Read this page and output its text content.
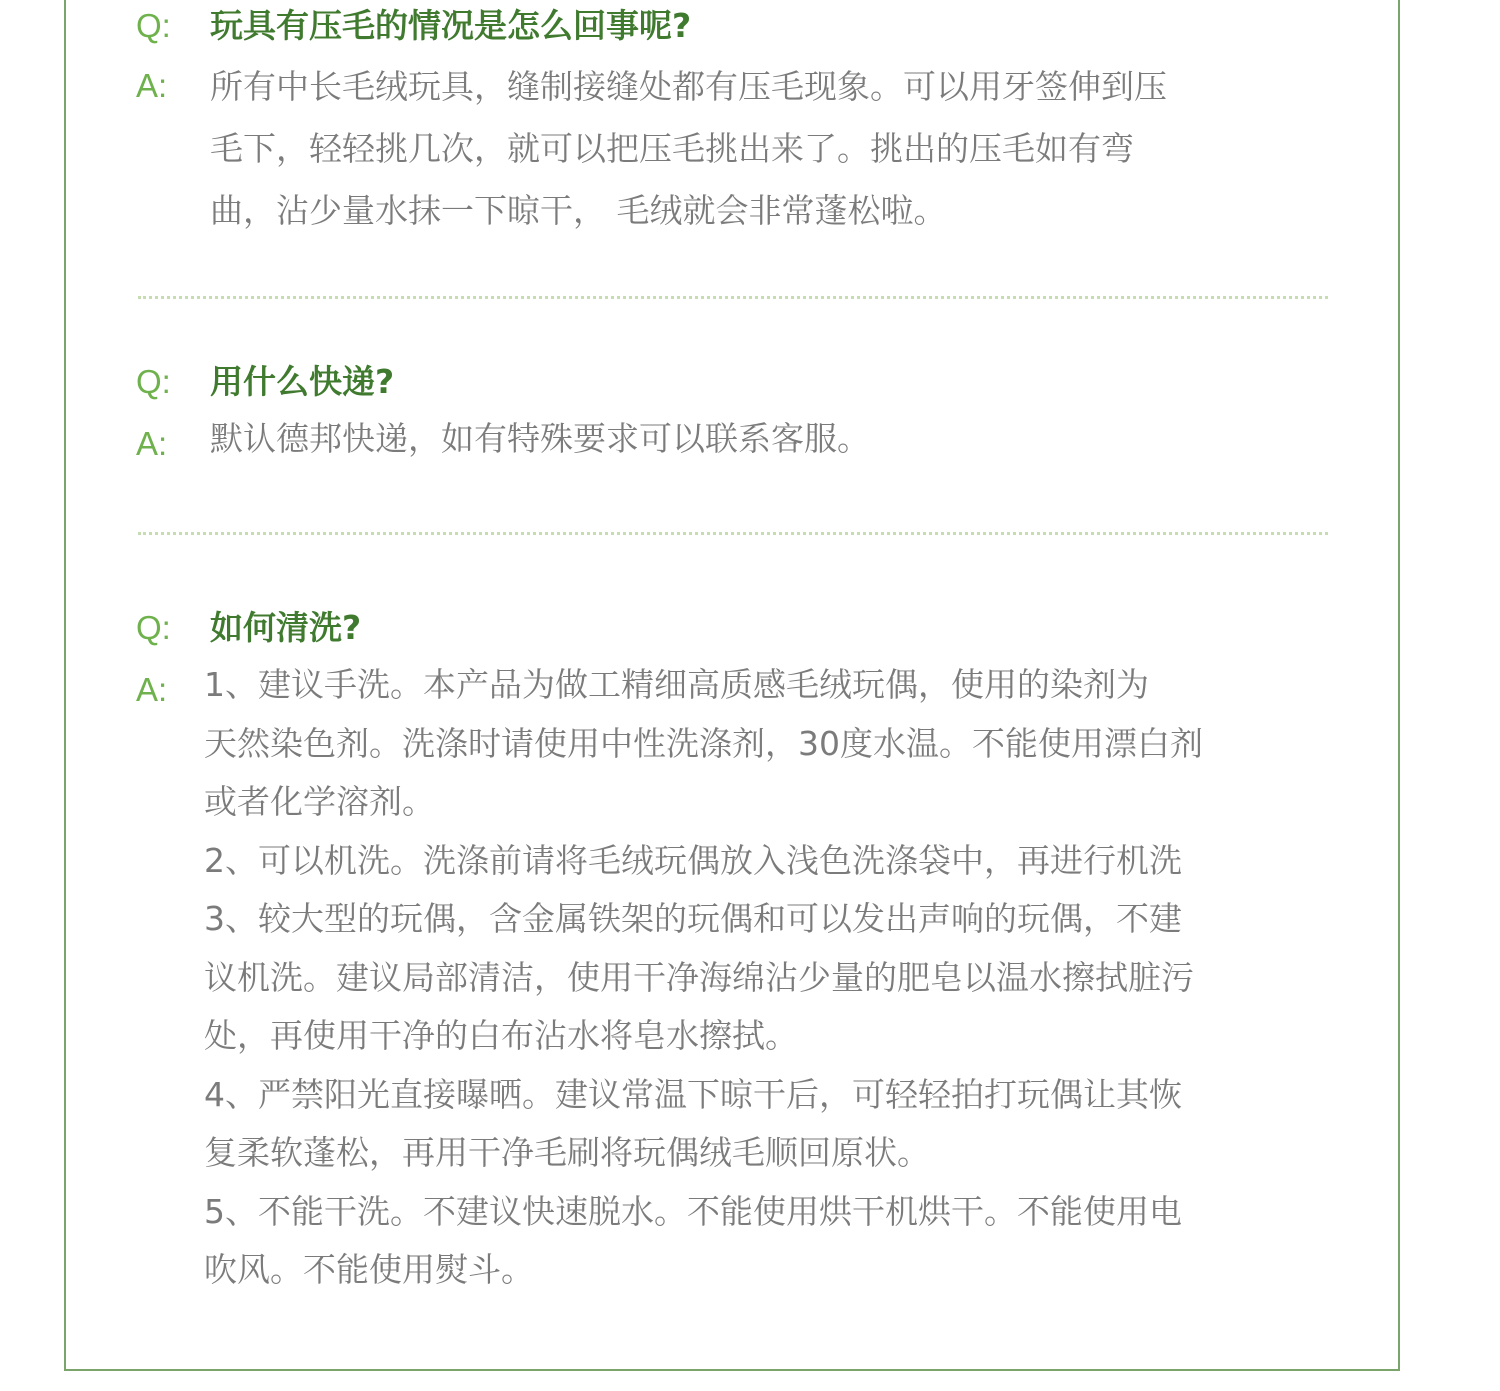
Q: 玩具有压毛的情况是怎么回事呢?
A: 所有中长毛绒玩具，缝制接缝处都有压毛现象。可以用牙签伸到压

毛下，轻轻挑几次，就可以把压毛挑出来了。挑出的压毛如有弯

曲，沾少量水抹一下晾干， 毛绒就会非常蓬松啦。

Q: 用什么快递?
A: 默认德邦快递，如有特殊要求可以联系客服。

Q: 如何清洗?
A: 1、建议手洗。本产品为做工精细高质感毛绒玩偶，使用的染剂为

天然染色剂。洗涤时请使用中性洗涤剂，30度水温。不能使用漂白剂

或者化学溶剂。

2、可以机洗。洗涤前请将毛绒玩偶放入浅色洗涤袋中，再进行机洗

3、较大型的玩偶，含金属铁架的玩偶和可以发出声响的玩偶，不建

议机洗。建议局部清洁，使用干净海绵沾少量的肥皂以温水擦拭脏污

处，再使用干净的白布沾水将皂水擦拭。

4、严禁阳光直接曝晒。建议常温下晾干后，可轻轻拍打玩偶让其恢

复柔软蓬松，再用干净毛刷将玩偶绒毛顺回原状。

5、不能干洗。不建议快速脱水。不能使用烘干机烘干。不能使用电

吹风。不能使用熨斗。
